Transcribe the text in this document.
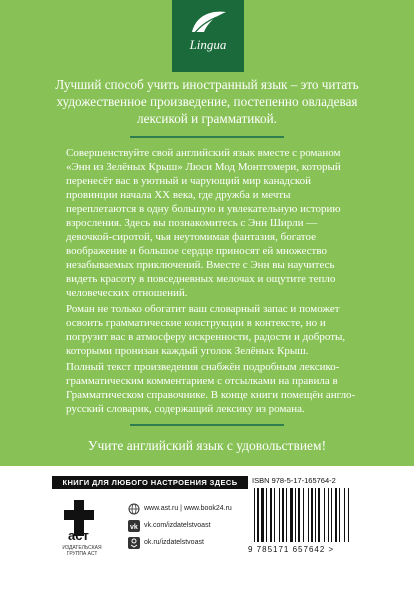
Lingua
Лучший способ учить иностранный язык – это читать художественное произведение, постепенно овладевая лексикой и грамматикой.
Совершенствуйте свой английский язык вместе с романом «Энн из Зелёных Крыш» Люси Мод Монтгомери, который перенесёт вас в уютный и чарующий мир канадской провинции начала XX века, где дружба и мечты переплетаются в одну большую и увлекательную историю взросления. Здесь вы познакомитесь с Энн Ширли — девочкой-сиротой, чья неутомимая фантазия, богатое воображение и большое сердце приносят ей множество незабываемых приключений. Вместе с Энн вы научитесь видеть красоту в повседневных мелочах и ощутите тепло человеческих отношений.
Роман не только обогатит ваш словарный запас и поможет освоить грамматические конструкции в контексте, но и погрузит вас в атмосферу искренности, радости и доброты, которыми пронизан каждый уголок Зелёных Крыш.
Полный текст произведения снабжён подробным лексико-грамматическим комментарием с отсылками на правила в Грамматическом справочнике. В конце книги помещён англо-русский словарик, содержащий лексику из романа.
Учите английский язык с удовольствием!
КНИГИ ДЛЯ ЛЮБОГО НАСТРОЕНИЯ ЗДЕСЬ
аст
ИЗДАТЕЛЬСКАЯ ГРУППА АСТ
www.ast.ru | www.book24.ru
vk vk.com/izdatelstvoast
ok.ru/izdatelstvoast
ISBN 978-5-17-165764-2
9 785171 657642 >
